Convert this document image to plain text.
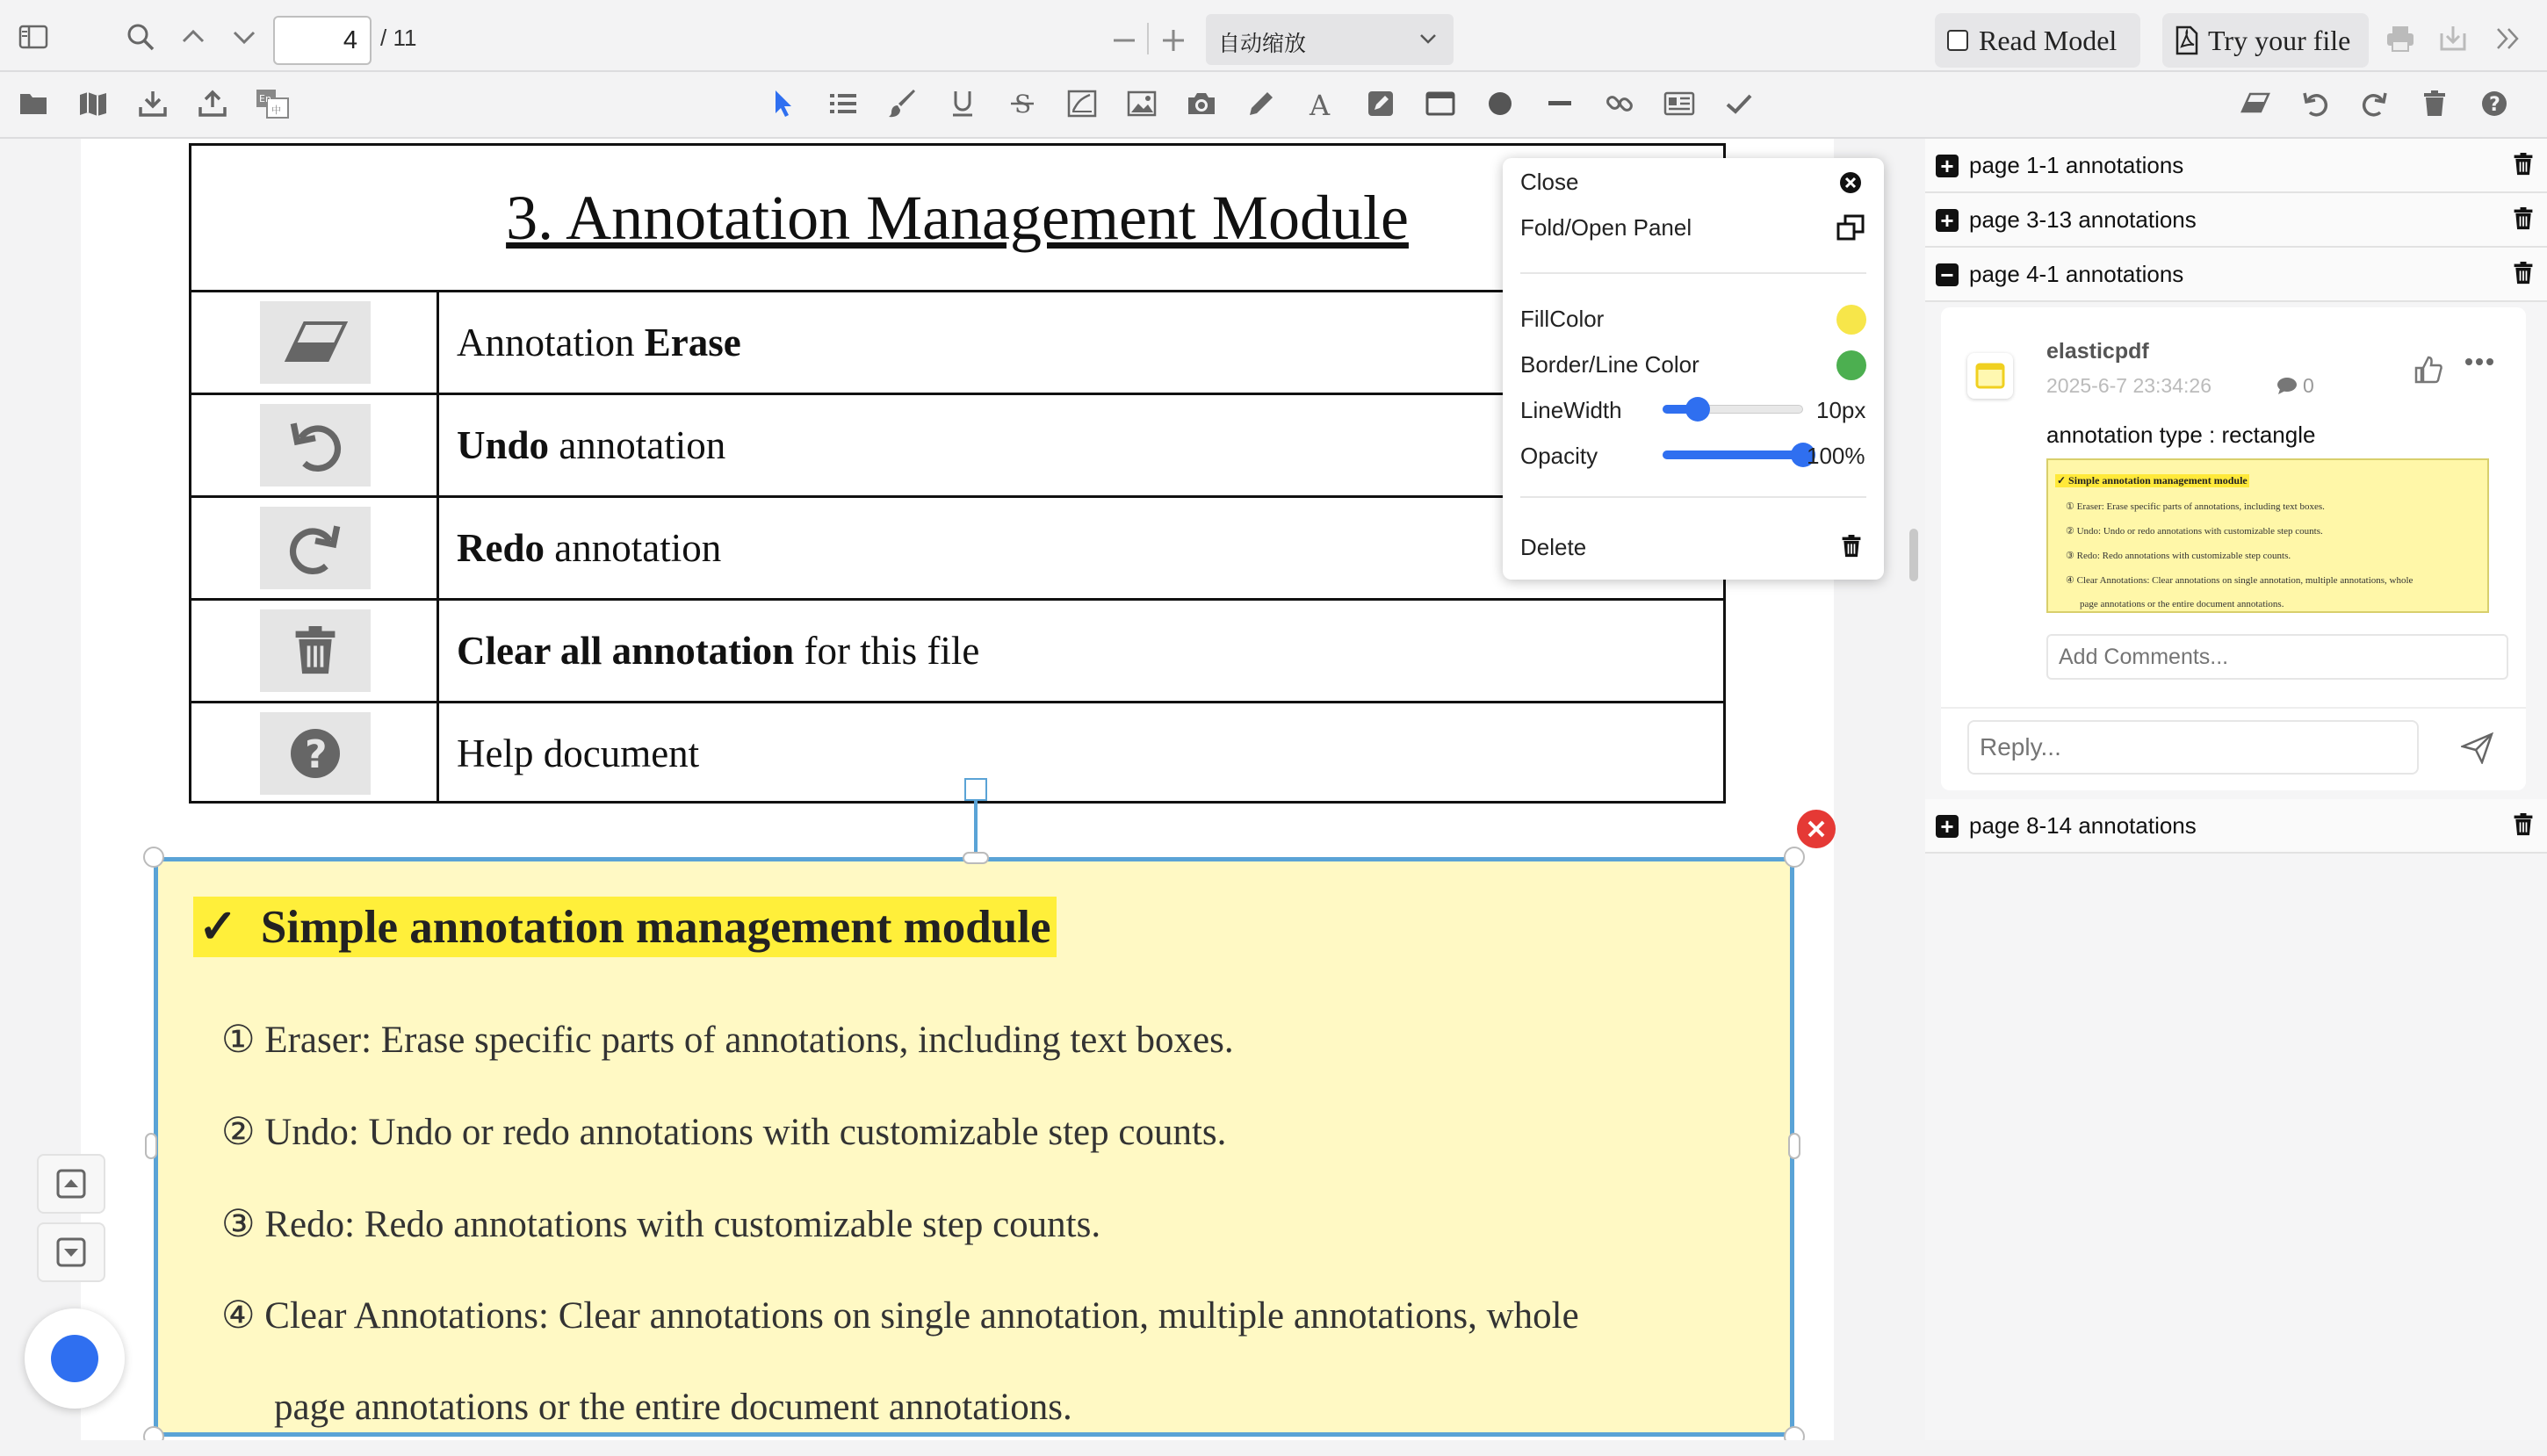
4	/ 11	自动缩放	Read Model	Try your file
En
中	S	A	?
3. Annotation Management Module
Annotation Erase
Undo annotation
Redo annotation
Clear all annotation for this file
?	Help document
✓ Simple annotation management module
① Eraser: Erase specific parts of annotations, including text boxes.
② Undo: Undo or redo annotations with customizable step counts.
③ Redo: Redo annotations with customizable step counts.
④ Clear Annotations: Clear annotations on single annotation, multiple annotations, whole
page annotations or the entire document annotations.
Close
Fold/Open Panel
FillColor
Border/Line Color
LineWidth	10px
Opacity	100%
Delete
+ page 1-1 annotations
+ page 3-13 annotations
− page 4-1 annotations
elasticpdf
2025-6-7 23:34:26	0
annotation type : rectangle
✓ Simple annotation management module
① Eraser: Erase specific parts of annotations, including text boxes.
② Undo: Undo or redo annotations with customizable step counts.
③ Redo: Redo annotations with customizable step counts.
④ Clear Annotations: Clear annotations on single annotation, multiple annotations, whole
page annotations or the entire document annotations.
Add Comments...
Reply...
+ page 8-14 annotations
